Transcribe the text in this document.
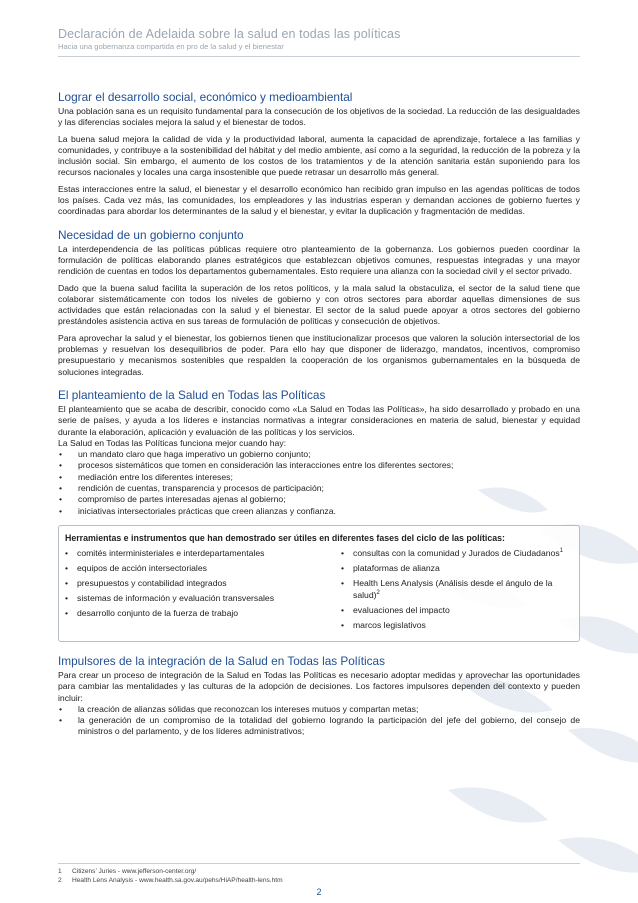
Declaración de Adelaida sobre la salud en todas las políticas
Hacia una gobernanza compartida en pro de la salud y el bienestar
Lograr el desarrollo social, económico y medioambiental

Una población sana es un requisito fundamental para la consecución de los objetivos de la sociedad. La reducción de las desigualdades y las diferencias sociales mejora la salud y el bienestar de todos.

La buena salud mejora la calidad de vida y la productividad laboral, aumenta la capacidad de aprendizaje, fortalece a las familias y comunidades, y contribuye a la sostenibilidad del hábitat y del medio ambiente, así como a la seguridad, la reducción de la pobreza y la inclusión social. Sin embargo, el aumento de los costos de los tratamientos y de la atención sanitaria están suponiendo para los recursos nacionales y locales una carga insostenible que puede retrasar un desarrollo más general.

Estas interacciones entre la salud, el bienestar y el desarrollo económico han recibido gran impulso en las agendas políticas de todos los países. Cada vez más, las comunidades, los empleadores y las industrias esperan y demandan acciones de gobierno fuertes y coordinadas para abordar los determinantes de la salud y el bienestar, y evitar la duplicación y fragmentación de medidas.

Necesidad de un gobierno conjunto

La interdependencia de las políticas públicas requiere otro planteamiento de la gobernanza. Los gobiernos pueden coordinar la formulación de políticas elaborando planes estratégicos que establezcan objetivos comunes, respuestas integradas y una mayor rendición de cuentas en todos los departamentos gubernamentales. Esto requiere una alianza con la sociedad civil y el sector privado.

Dado que la buena salud facilita la superación de los retos políticos, y la mala salud la obstaculiza, el sector de la salud tiene que colaborar sistemáticamente con todos los niveles de gobierno y con otros sectores para abordar aquellas dimensiones de sus actividades que están relacionadas con la salud y el bienestar. El sector de la salud puede apoyar a otros sectores del gobierno prestándoles asistencia activa en sus tareas de formulación de políticas y consecución de objetivos.

Para aprovechar la salud y el bienestar, los gobiernos tienen que institucionalizar procesos que valoren la solución intersectorial de los problemas y resuelvan los desequilibrios de poder. Para ello hay que disponer de liderazgo, mandatos, incentivos, compromiso presupuestario y mecanismos sostenibles que respalden la cooperación de los organismos gubernamentales en la búsqueda de soluciones integradas.

El planteamiento de la Salud en Todas las Políticas

El planteamiento que se acaba de describir, conocido como «La Salud en Todas las Políticas», ha sido desarrollado y probado en una serie de países, y ayuda a los líderes e instancias normativas a integrar consideraciones en materia de salud, bienestar y equidad durante la elaboración, aplicación y evaluación de las políticas y los servicios.

La Salud en Todas las Políticas funciona mejor cuando hay:

• un mandato claro que haga imperativo un gobierno conjunto;
• procesos sistemáticos que tomen en consideración las interacciones entre los diferentes sectores;
• mediación entre los diferentes intereses;
• rendición de cuentas, transparencia y procesos de participación;
• compromiso de partes interesadas ajenas al gobierno;
• iniciativas intersectoriales prácticas que creen alianzas y confianza.
Herramientas e instrumentos que han demostrado ser útiles en diferentes fases del ciclo de las políticas:
• comités interministeriales e interdepartamentales
• equipos de acción intersectoriales
• presupuestos y contabilidad integrados
• sistemas de información y evaluación transversales
• desarrollo conjunto de la fuerza de trabajo
• consultas con la comunidad y Jurados de Ciudadanos$^1$
• plataformas de alianza
• Health Lens Analysis (Análisis desde el ángulo de la salud)$^2$
• evaluaciones del impacto
• marcos legislativos
Impulsores de la integración de la Salud en Todas las Políticas

Para crear un proceso de integración de la Salud en Todas las Políticas es necesario adoptar medidas y aprovechar las oportunidades para cambiar las mentalidades y las culturas de la adopción de decisiones. Los factores impulsores dependen del contexto y pueden incluir:

• la creación de alianzas sólidas que reconozcan los intereses mutuos y compartan metas;
• la generación de un compromiso de la totalidad del gobierno logrando la participación del jefe del gobierno, del consejo de ministros o del parlamento, y de los líderes administrativos;
1 Citizens’ Juries - www.jefferson-center.org/
2 Health Lens Analysis - www.health.sa.gov.au/pehs/HiAP/health-lens.htm
2
